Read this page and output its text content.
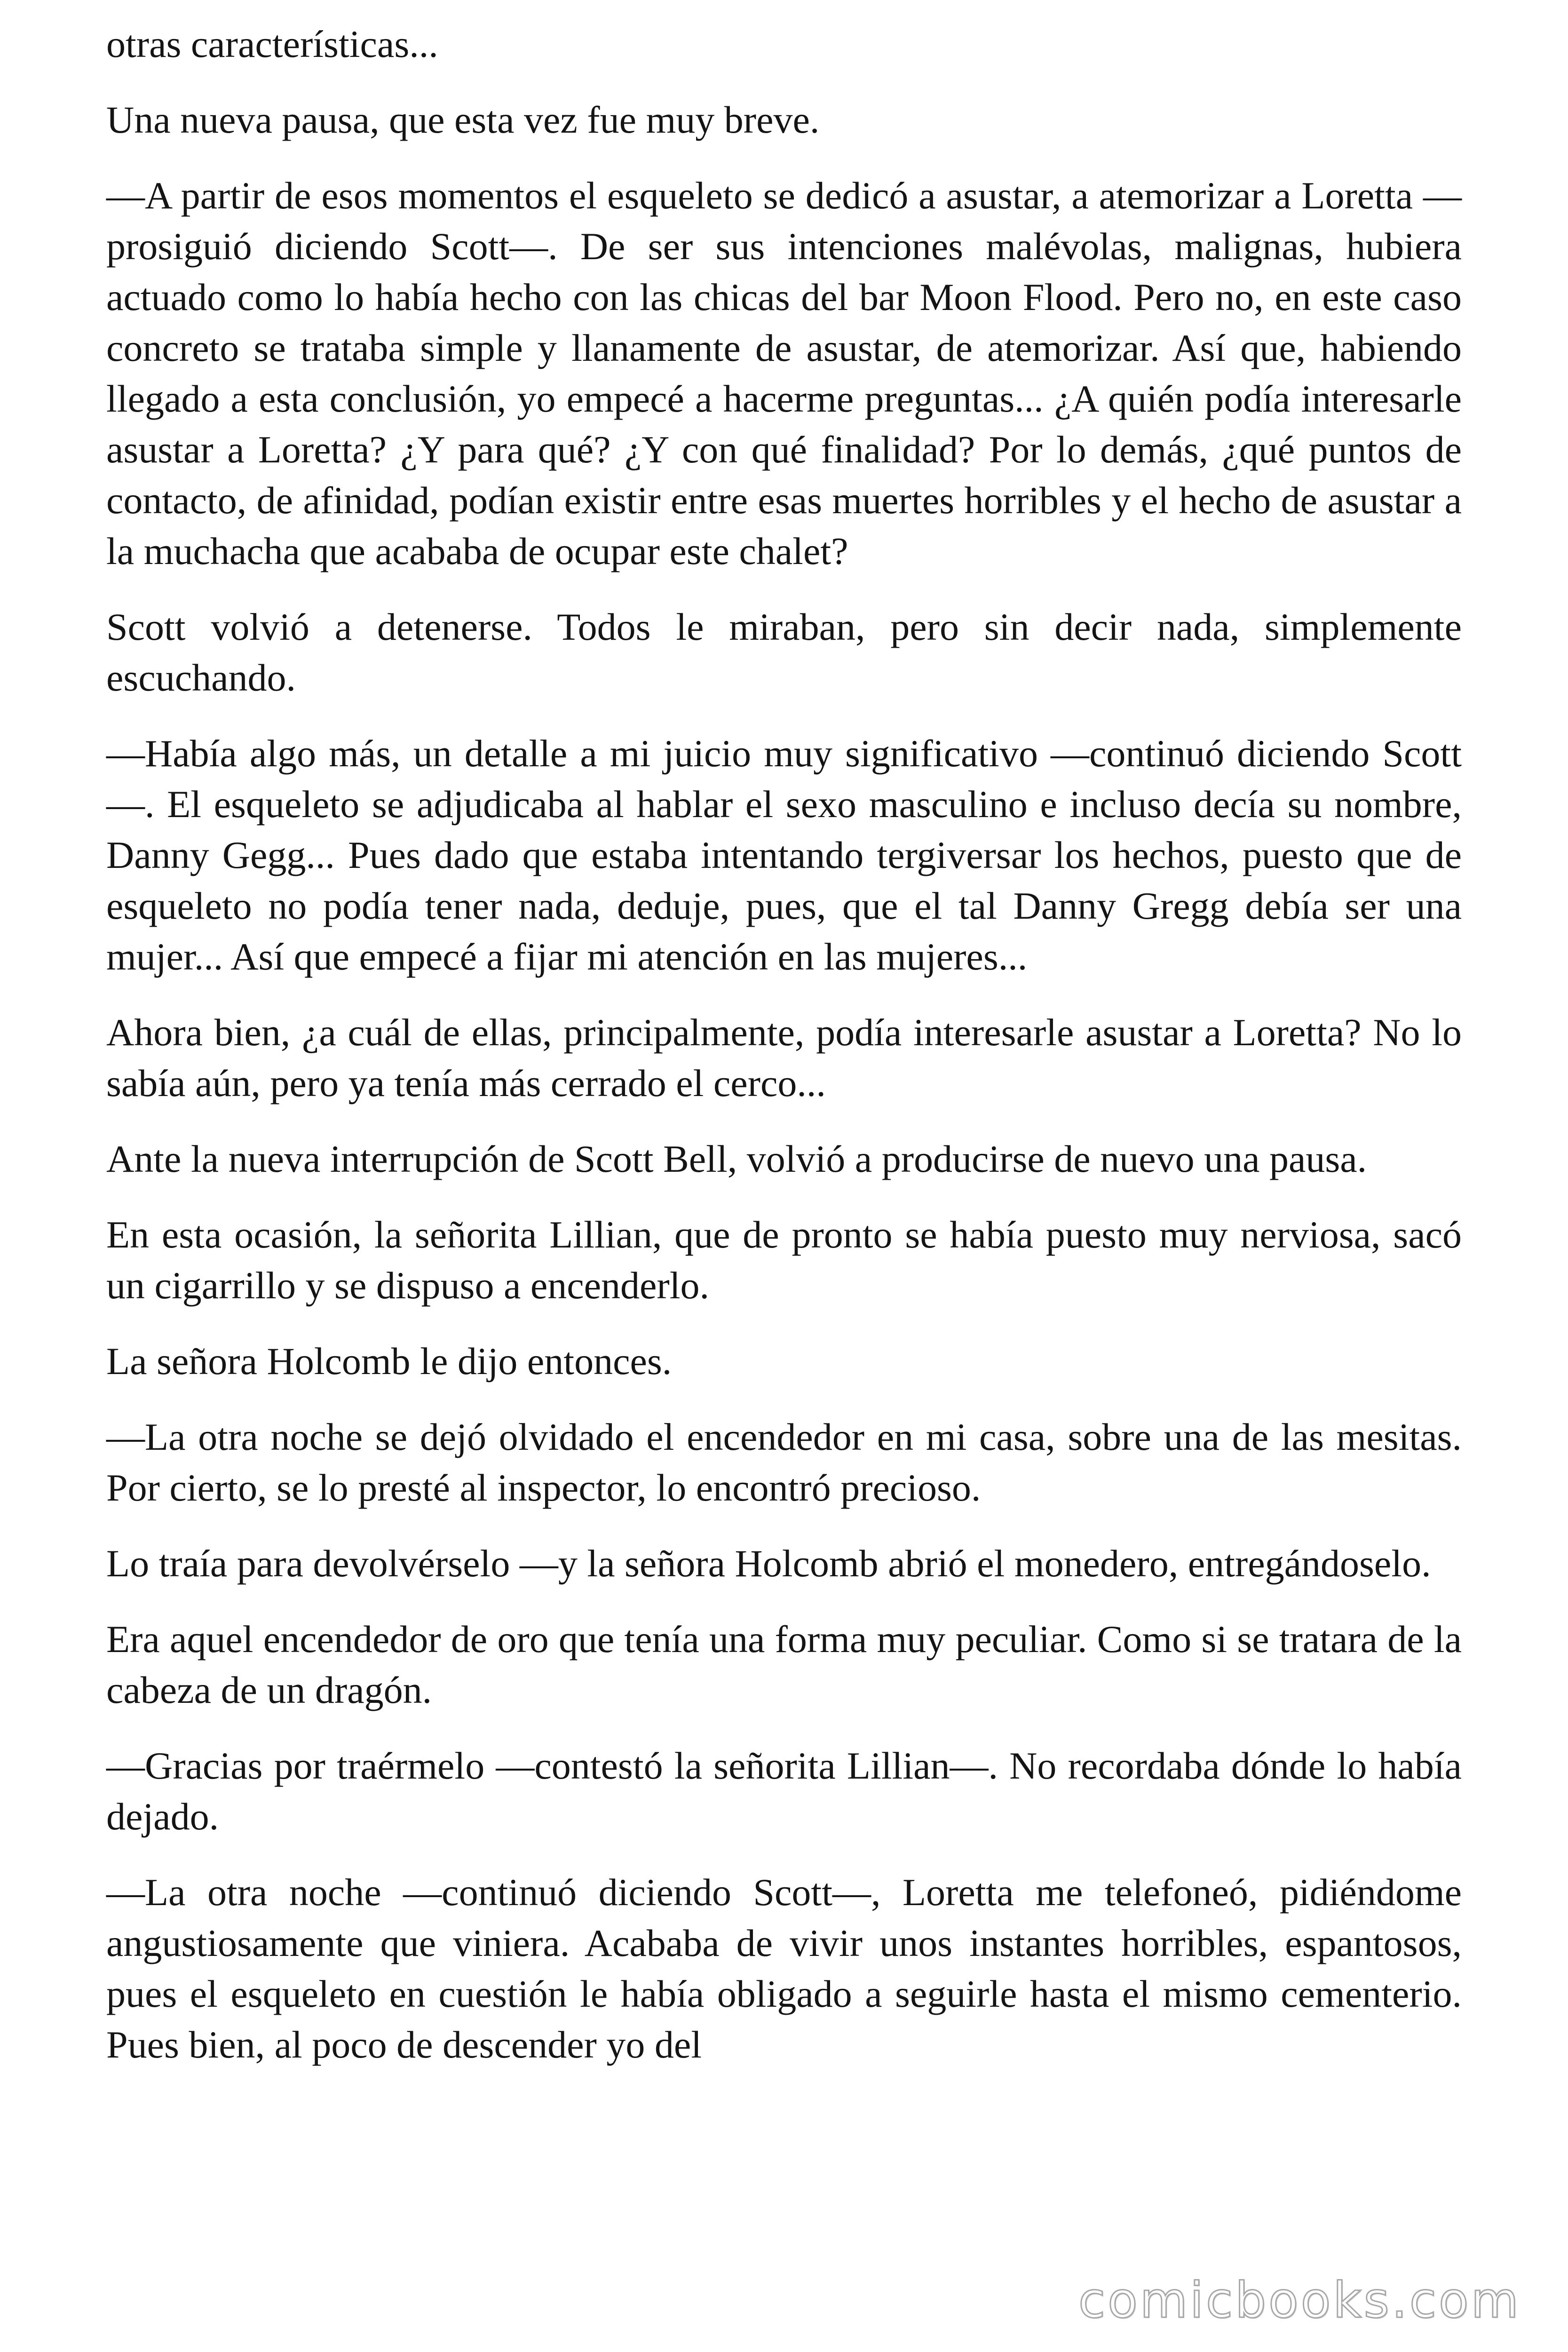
otras características...

Una nueva pausa, que esta vez fue muy breve.

—A partir de esos momentos el esqueleto se dedicó a asustar, a atemorizar a Loretta —prosiguió diciendo Scott—. De ser sus intenciones malévolas, malignas, hubiera actuado como lo había hecho con las chicas del bar Moon Flood. Pero no, en este caso concreto se trataba simple y llanamente de asustar, de atemorizar. Así que, habiendo llegado a esta conclusión, yo empecé a hacerme preguntas... ¿A quién podía interesarle asustar a Loretta? ¿Y para qué? ¿Y con qué finalidad? Por lo demás, ¿qué puntos de contacto, de afinidad, podían existir entre esas muertes horribles y el hecho de asustar a la muchacha que acababa de ocupar este chalet?

Scott volvió a detenerse. Todos le miraban, pero sin decir nada, simplemente escuchando.

—Había algo más, un detalle a mi juicio muy significativo —continuó diciendo Scott—. El esqueleto se adjudicaba al hablar el sexo masculino e incluso decía su nombre, Danny Gegg... Pues dado que estaba intentando tergiversar los hechos, puesto que de esqueleto no podía tener nada, deduje, pues, que el tal Danny Gregg debía ser una mujer... Así que empecé a fijar mi atención en las mujeres...

Ahora bien, ¿a cuál de ellas, principalmente, podía interesarle asustar a Loretta? No lo sabía aún, pero ya tenía más cerrado el cerco...

Ante la nueva interrupción de Scott Bell, volvió a producirse de nuevo una pausa.

En esta ocasión, la señorita Lillian, que de pronto se había puesto muy nerviosa, sacó un cigarrillo y se dispuso a encenderlo.

La señora Holcomb le dijo entonces.

—La otra noche se dejó olvidado el encendedor en mi casa, sobre una de las mesitas. Por cierto, se lo presté al inspector, lo encontró precioso.

Lo traía para devolvérselo —y la señora Holcomb abrió el monedero, entregándoselo.

Era aquel encendedor de oro que tenía una forma muy peculiar. Como si se tratara de la cabeza de un dragón.

—Gracias por traérmelo —contestó la señorita Lillian—. No recordaba dónde lo había dejado.

—La otra noche —continuó diciendo Scott—, Loretta me telefoneó, pidiéndome angustiosamente que viniera. Acababa de vivir unos instantes horribles, espantosos, pues el esqueleto en cuestión le había obligado a seguirle hasta el mismo cementerio. Pues bien, al poco de descender yo del

comicbooks.com
